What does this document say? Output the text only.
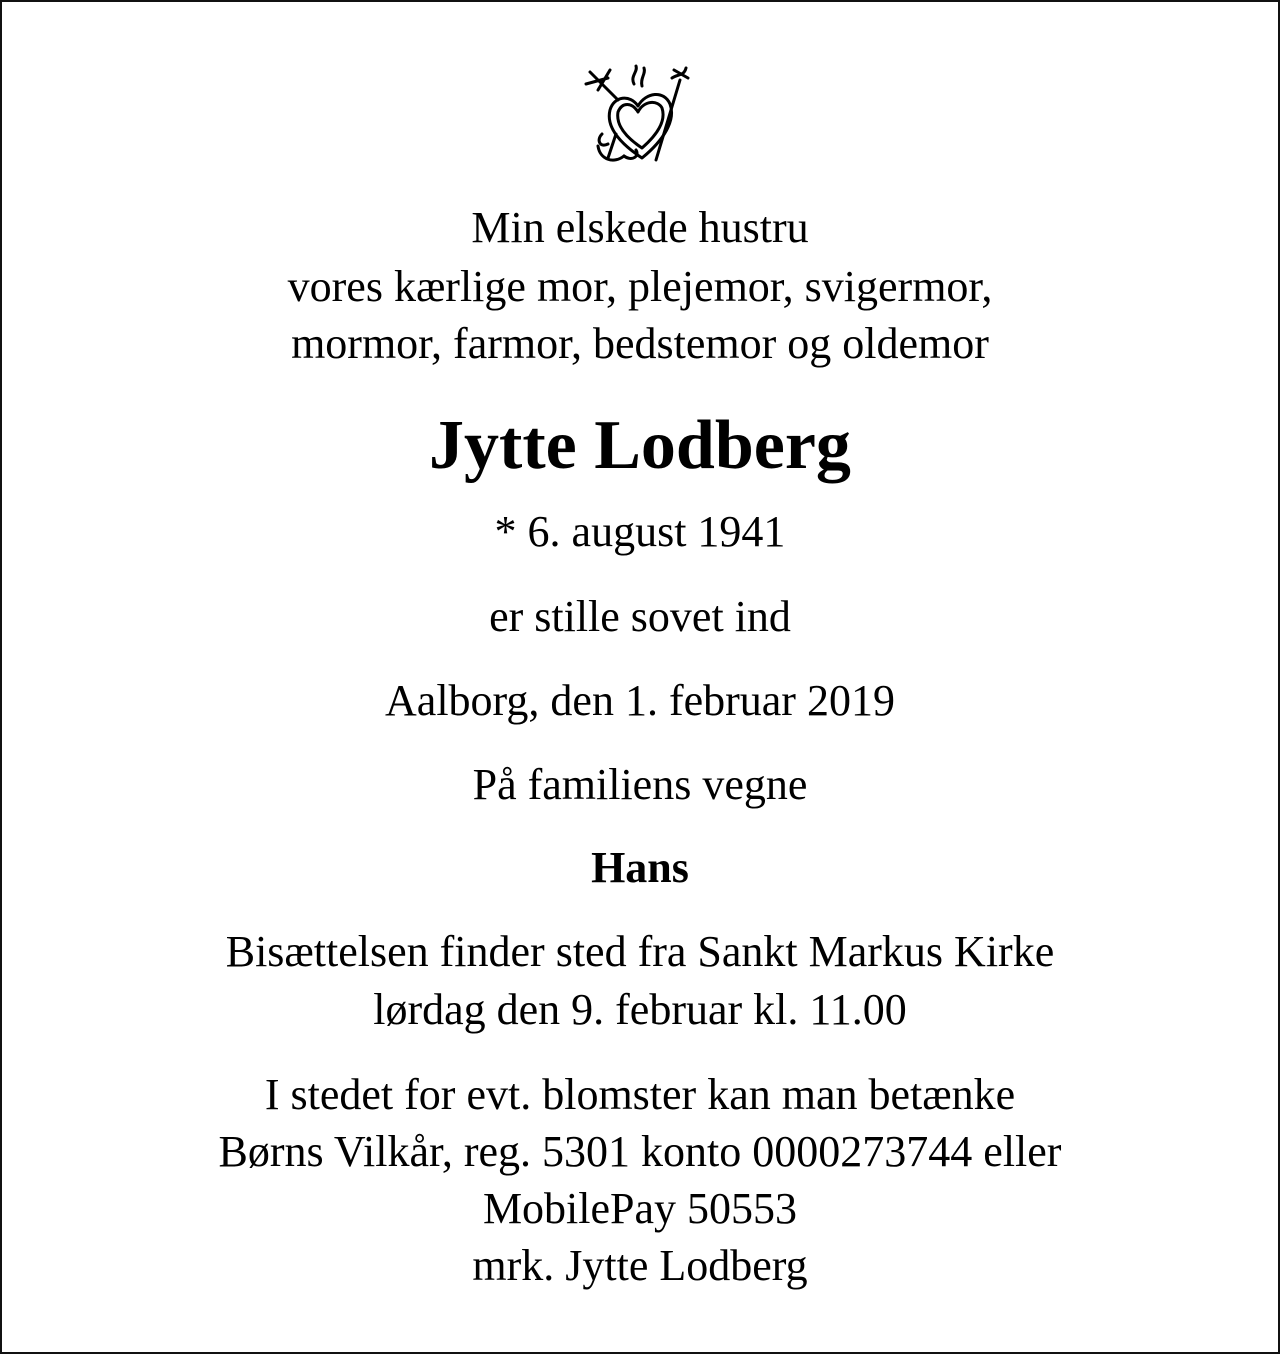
Min elskede hustru
vores kærlige mor, plejemor, svigermor,
mormor, farmor, bedstemor og oldemor
Jytte Lodberg
* 6. august 1941
er stille sovet ind
Aalborg, den 1. februar 2019
På familiens vegne
Hans
Bisættelsen finder sted fra Sankt Markus Kirke
lørdag den 9. februar kl. 11.00
I stedet for evt. blomster kan man betænke
Børns Vilkår, reg. 5301 konto 0000273744 eller
MobilePay 50553
mrk. Jytte Lodberg
